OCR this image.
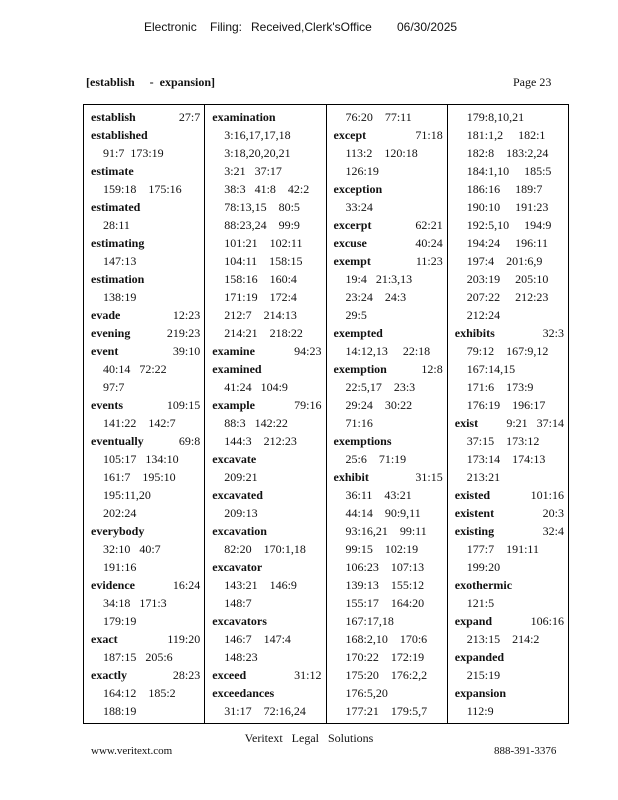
Electronic Filing: Received,Clerk'sOffice 06/30/2025
[establish     -  expansion]	Page 23
establish	27:7
established
91:7  173:19
estimate
159:18    175:16
estimated
28:11
estimating
147:13
estimation
138:19
evade	12:23
evening	219:23
event	39:10
40:14   72:22
97:7
events	109:15
141:22    142:7
eventually	69:8
105:17   134:10
161:7    195:10
195:11,20
202:24
everybody
32:10   40:7
191:16
evidence	16:24
34:18   171:3
179:19
exact	119:20
187:15   205:6
exactly	28:23
164:12    185:2
188:19
examination
3:16,17,17,18
3:18,20,20,21
3:21   37:17
38:3   41:8    42:2
78:13,15    80:5
88:23,24    99:9
101:21    102:11
104:11    158:15
158:16    160:4
171:19    172:4
212:7    214:13
214:21    218:22
examine	94:23
examined
41:24   104:9
example	79:16
88:3   142:22
144:3    212:23
excavate
209:21
excavated
209:13
excavation
82:20    170:1,18
excavator
143:21    146:9
148:7
excavators
146:7    147:4
148:23
exceed	31:12
exceedances
31:17    72:16,24
76:20    77:11
except	71:18
113:2    120:18
126:19
exception
33:24
excerpt	62:21
excuse	40:24
exempt	11:23
19:4   21:3,13
23:24    24:3
29:5
exempted
14:12,13     22:18
exemption	12:8
22:5,17    23:3
29:24    30:22
71:16
exemptions
25:6    71:19
exhibit	31:15
36:11    43:21
44:14    90:9,11
93:16,21    99:11
99:15    102:19
106:23    107:13
139:13    155:12
155:17    164:20
167:17,18
168:2,10    170:6
170:22    172:19
175:20    176:2,2
176:5,20
177:21    179:5,7
179:8,10,21
181:1,2     182:1
182:8    183:2,24
184:1,10     185:5
186:16     189:7
190:10     191:23
192:5,10     194:9
194:24     196:11
197:4    201:6,9
203:19     205:10
207:22     212:23
212:24
exhibits	32:3
79:12    167:9,12
167:14,15
171:6    173:9
176:19    196:17
exist 9:21   37:14
37:15    173:12
173:14    174:13
213:21
existed	101:16
existent	20:3
existing	32:4
177:7    191:11
199:20
exothermic
121:5
expand	106:16
213:15    214:2
expanded
215:19
expansion
112:9
Veritext   Legal   Solutions
www.veritext.com	888-391-3376
